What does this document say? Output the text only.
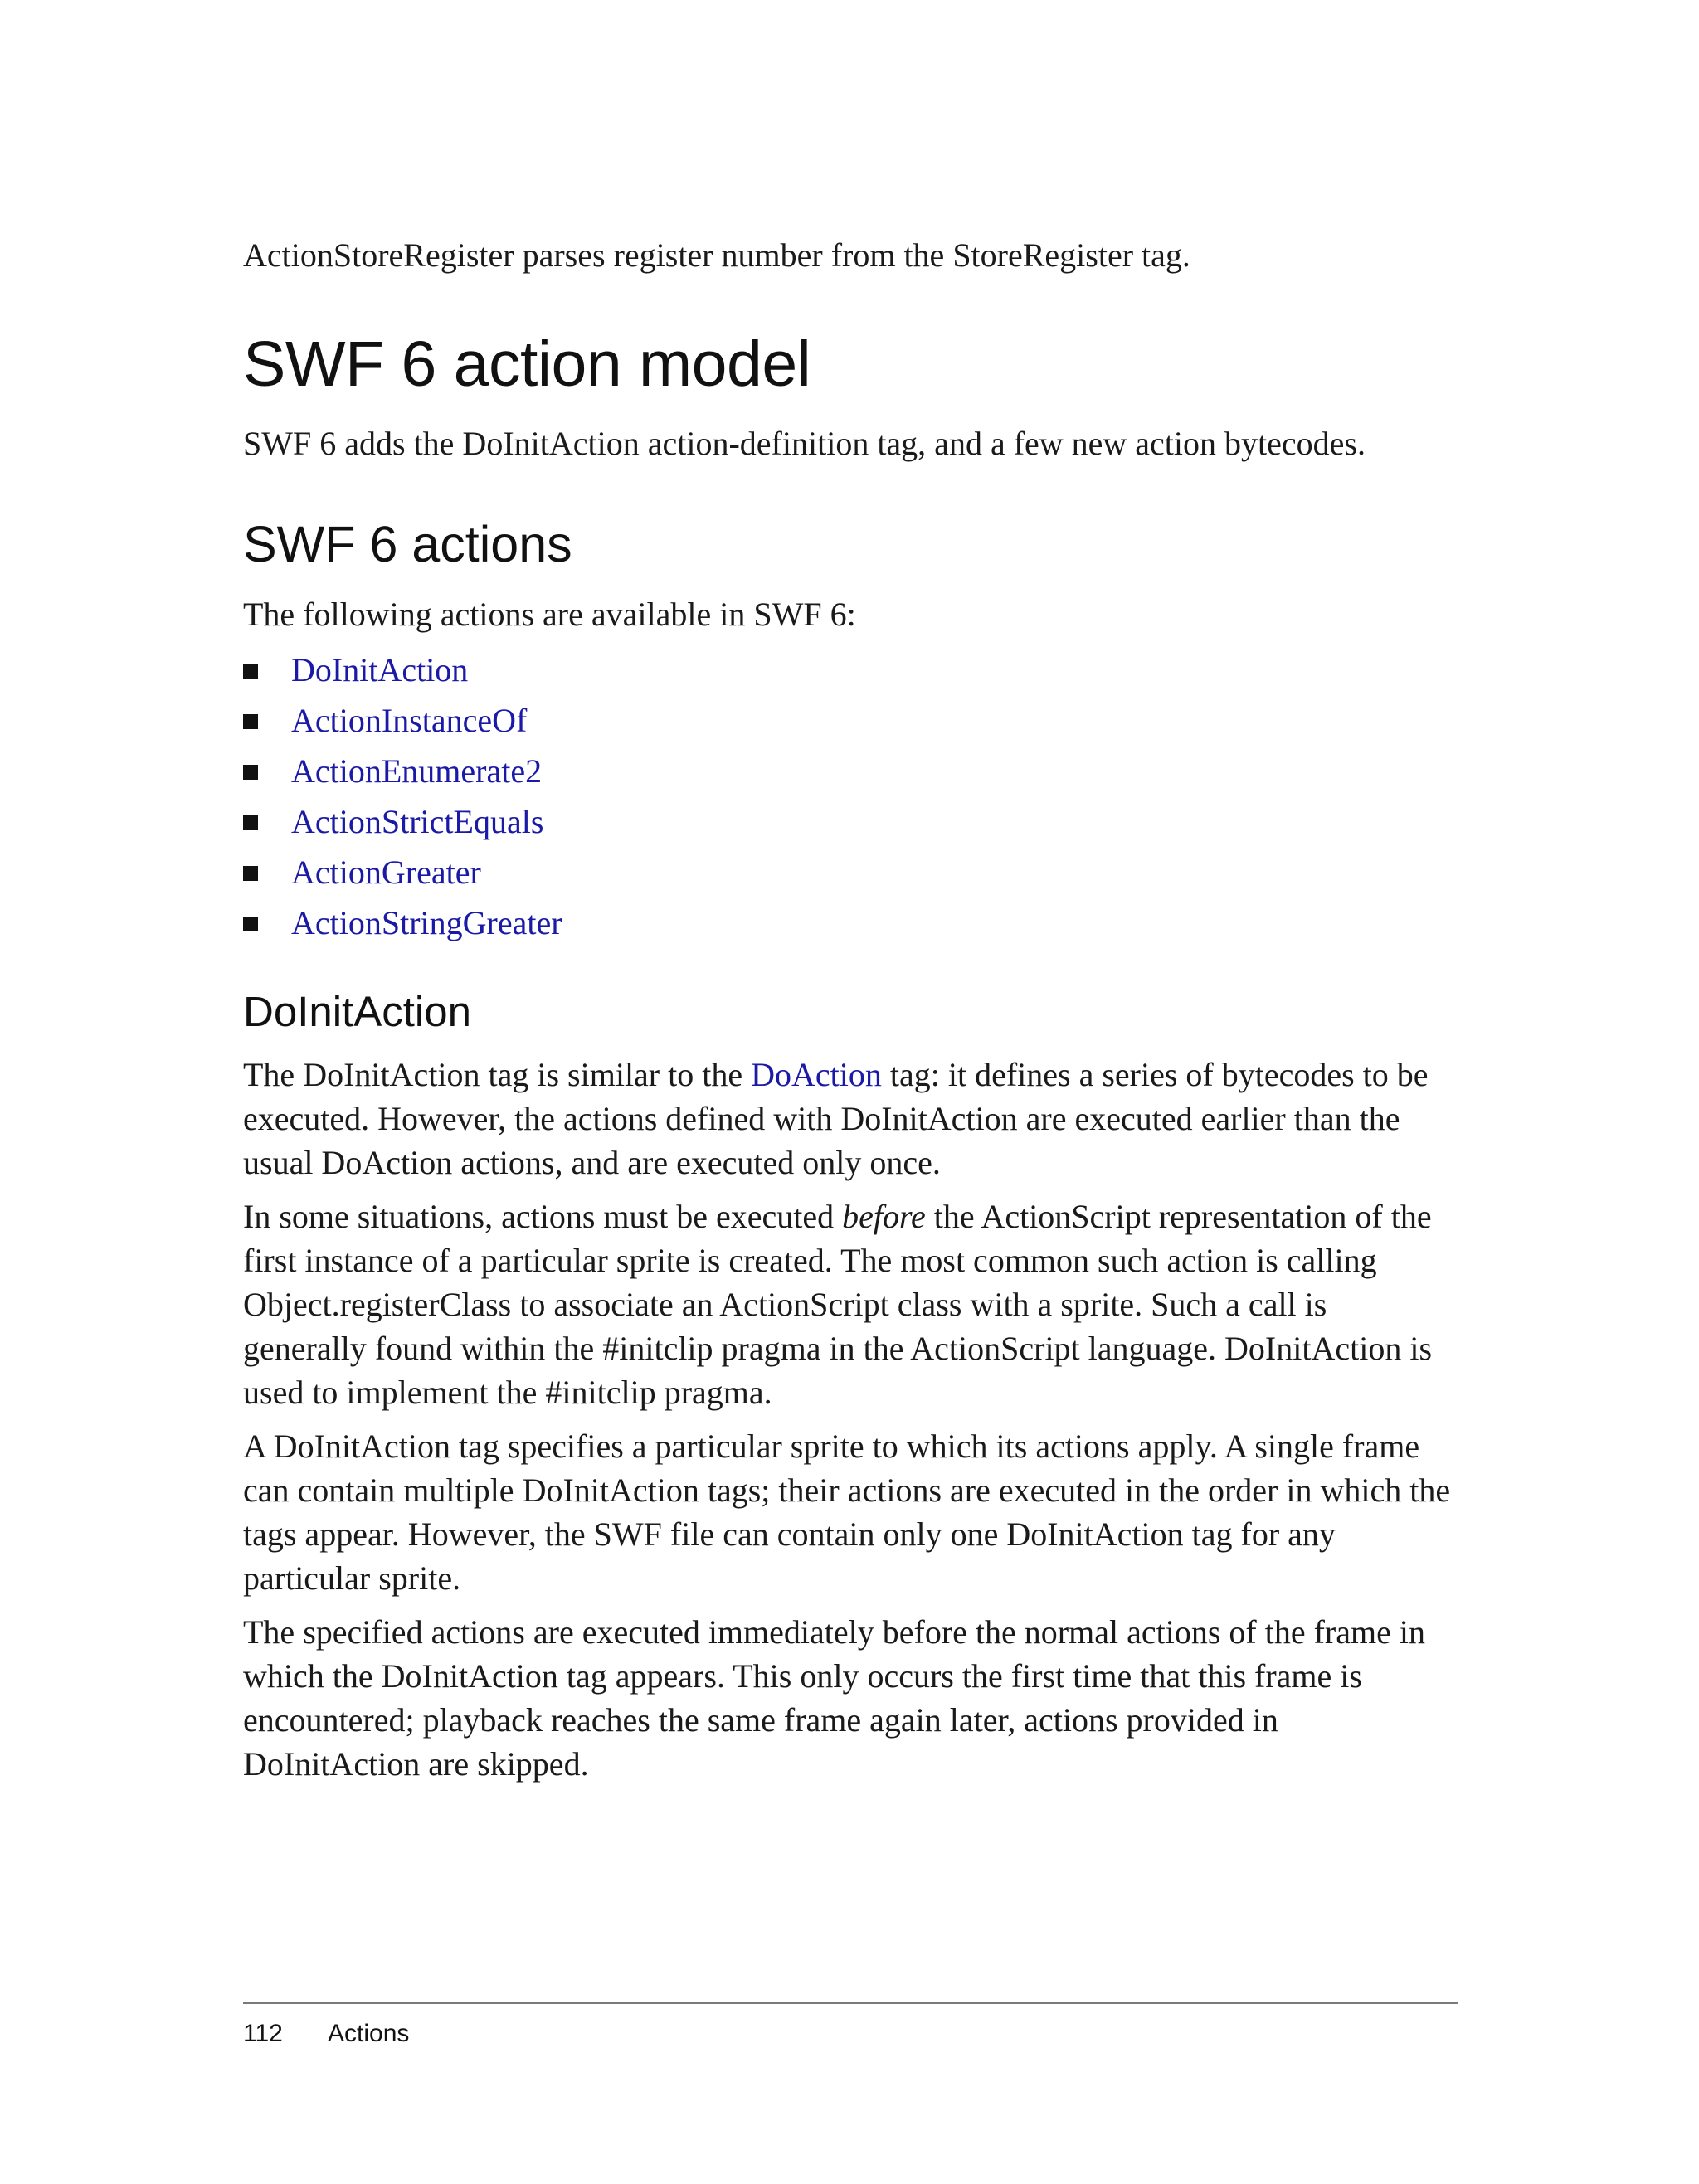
ActionStoreRegister parses register number from the StoreRegister tag.

SWF 6 action model

SWF 6 adds the DoInitAction action-definition tag, and a few new action bytecodes.

SWF 6 actions

The following actions are available in SWF 6:

DoInitAction
ActionInstanceOf
ActionEnumerate2
ActionStrictEquals
ActionGreater
ActionStringGreater
DoInitAction

The DoInitAction tag is similar to the DoAction tag: it defines a series of bytecodes to be executed. However, the actions defined with DoInitAction are executed earlier than the usual DoAction actions, and are executed only once.

In some situations, actions must be executed before the ActionScript representation of the first instance of a particular sprite is created. The most common such action is calling Object.registerClass to associate an ActionScript class with a sprite. Such a call is generally found within the #initclip pragma in the ActionScript language. DoInitAction is used to implement the #initclip pragma.

A DoInitAction tag specifies a particular sprite to which its actions apply. A single frame can contain multiple DoInitAction tags; their actions are executed in the order in which the tags appear. However, the SWF file can contain only one DoInitAction tag for any particular sprite.

The specified actions are executed immediately before the normal actions of the frame in which the DoInitAction tag appears. This only occurs the first time that this frame is encountered; playback reaches the same frame again later, actions provided in DoInitAction are skipped.

112 Actions
